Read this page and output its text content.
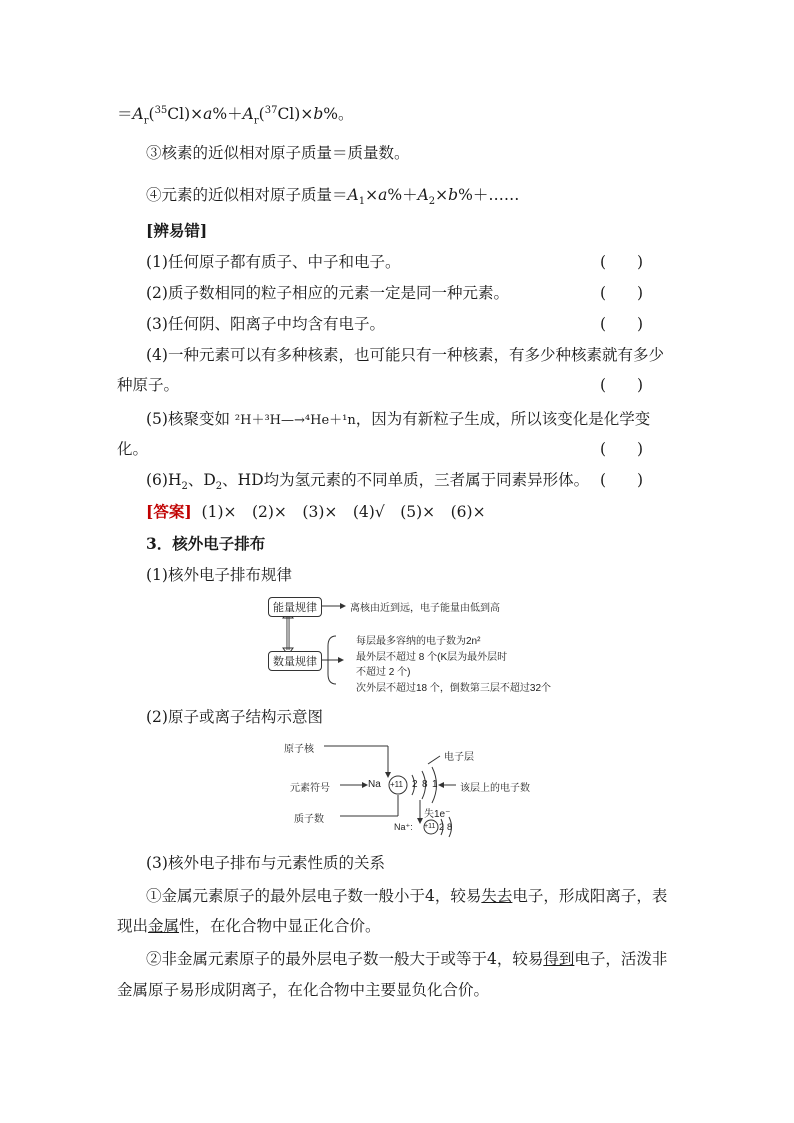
$=A_r(^{35}Cl)\times a\%+A_r(^{37}Cl)\times b\%$。
③核素的近似相对原子质量＝质量数。
④元素的近似相对原子质量$=A_1\times a\%+A_2\times b\%+\dots\dots$
[辨易错]
(1)任何原子都有质子、中子和电子。	(　　)
(2)质子数相同的粒子相应的元素一定是同一种元素。	(　　)
(3)任何阴、阳离子中均含有电子。	(　　)
(4)一种元素可以有多种核素，也可能只有一种核素，有多少种核素就有多少
种原子。	(　　)
(5)核聚变如 ²H＋³H—→⁴He＋¹n，因为有新粒子生成，所以该变化是化学变
化。	(　　)
$(6)H_2$、$D_2$、HD均为氢元素的不同单质，三者属于同素异形体。 (　　)
[答案] (1)×　(2)×　(3)×　(4)√　(5)×　(6)×
3．核外电子排布
(1)核外电子排布规律
能量规律
数量规律
离核由近到远，电子能量由低到高
每层最多容纳的电子数为2n²
最外层不超过 8 个(K层为最外层时
不超过 2 个)
次外层不超过18 个，倒数第三层不超过32个
(2)原子或离子结构示意图
原子核
元素符号	Na +11 2 8 1
电子层
该层上的电子数
质子数	失1e⁻
Na⁺: +11 2 8
(3)核外电子排布与元素性质的关系
①金属元素原子的最外层电子数一般小于4，较易失去电子，形成阳离子，表
现出金属性，在化合物中显正化合价。
②非金属元素原子的最外层电子数一般大于或等于4，较易得到电子，活泼非
金属原子易形成阴离子，在化合物中主要显负化合价。
